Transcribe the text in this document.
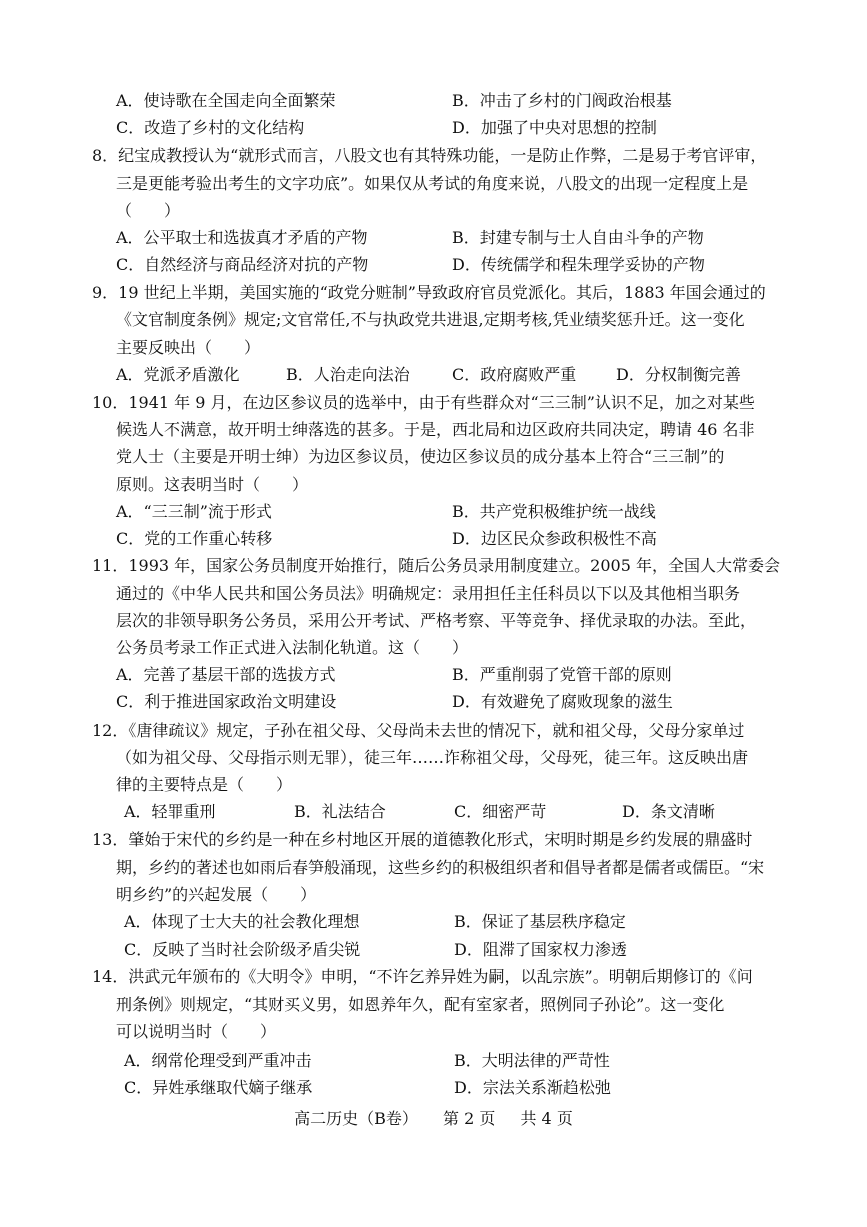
A．使诗歌在全国走向全面繁荣	B．冲击了乡村的门阀政治根基
C．改造了乡村的文化结构	D．加强了中央对思想的控制
8．纪宝成教授认为“就形式而言，八股文也有其特殊功能，一是防止作弊，二是易于考官评审，
三是更能考验出考生的文字功底”。如果仅从考试的角度来说，八股文的出现一定程度上是
（　　）
A．公平取士和选拔真才矛盾的产物	B．封建专制与士人自由斗争的产物
C．自然经济与商品经济对抗的产物	D．传统儒学和程朱理学妥协的产物
9．19 世纪上半期，美国实施的“政党分赃制”导致政府官员党派化。其后，1883 年国会通过的
《文官制度条例》规定;文官常任,不与执政党共进退,定期考核,凭业绩奖惩升迁。这一变化
主要反映出（　　）
A．党派矛盾激化	B．人治走向法治	C．政府腐败严重 D．分权制衡完善
10．1941 年 9 月，在边区参议员的选举中，由于有些群众对“三三制”认识不足，加之对某些
候选人不满意，故开明士绅落选的甚多。于是，西北局和边区政府共同决定，聘请 46 名非
党人士（主要是开明士绅）为边区参议员，使边区参议员的成分基本上符合“三三制”的
原则。这表明当时（　　）
A．“三三制”流于形式	B．共产党积极维护统一战线
C．党的工作重心转移	D．边区民众参政积极性不高
11．1993 年，国家公务员制度开始推行，随后公务员录用制度建立。2005 年，全国人大常委会
通过的《中华人民共和国公务员法》明确规定：录用担任主任科员以下以及其他相当职务
层次的非领导职务公务员，采用公开考试、严格考察、平等竞争、择优录取的办法。至此，
公务员考录工作正式进入法制化轨道。这（　　）
A．完善了基层干部的选拔方式	B．严重削弱了党管干部的原则
C．利于推进国家政治文明建设	D．有效避免了腐败现象的滋生
12．《唐律疏议》规定，子孙在祖父母、父母尚未去世的情况下，就和祖父母，父母分家单过
（如为祖父母、父母指示则无罪），徒三年……诈称祖父母，父母死，徒三年。这反映出唐
律的主要特点是（　　）
A．轻罪重刑	B．礼法结合	C．细密严苛	D．条文清晰
13．肇始于宋代的乡约是一种在乡村地区开展的道德教化形式，宋明时期是乡约发展的鼎盛时
期，乡约的著述也如雨后春笋般涌现，这些乡约的积极组织者和倡导者都是儒者或儒臣。“宋
明乡约”的兴起发展（　　）
A．体现了士大夫的社会教化理想	B．保证了基层秩序稳定
C．反映了当时社会阶级矛盾尖锐	D．阻滞了国家权力渗透
14．洪武元年颁布的《大明令》申明，“不许乞养异姓为嗣，以乱宗族”。明朝后期修订的《问
刑条例》则规定，“其财买义男，如恩养年久，配有室家者，照例同子孙论”。这一变化
可以说明当时（　　）
A．纲常伦理受到严重冲击	B．大明法律的严苛性
C．异姓承继取代嫡子继承	D．宗法关系渐趋松弛
高二历史（B卷） 第 2 页 共 4 页
